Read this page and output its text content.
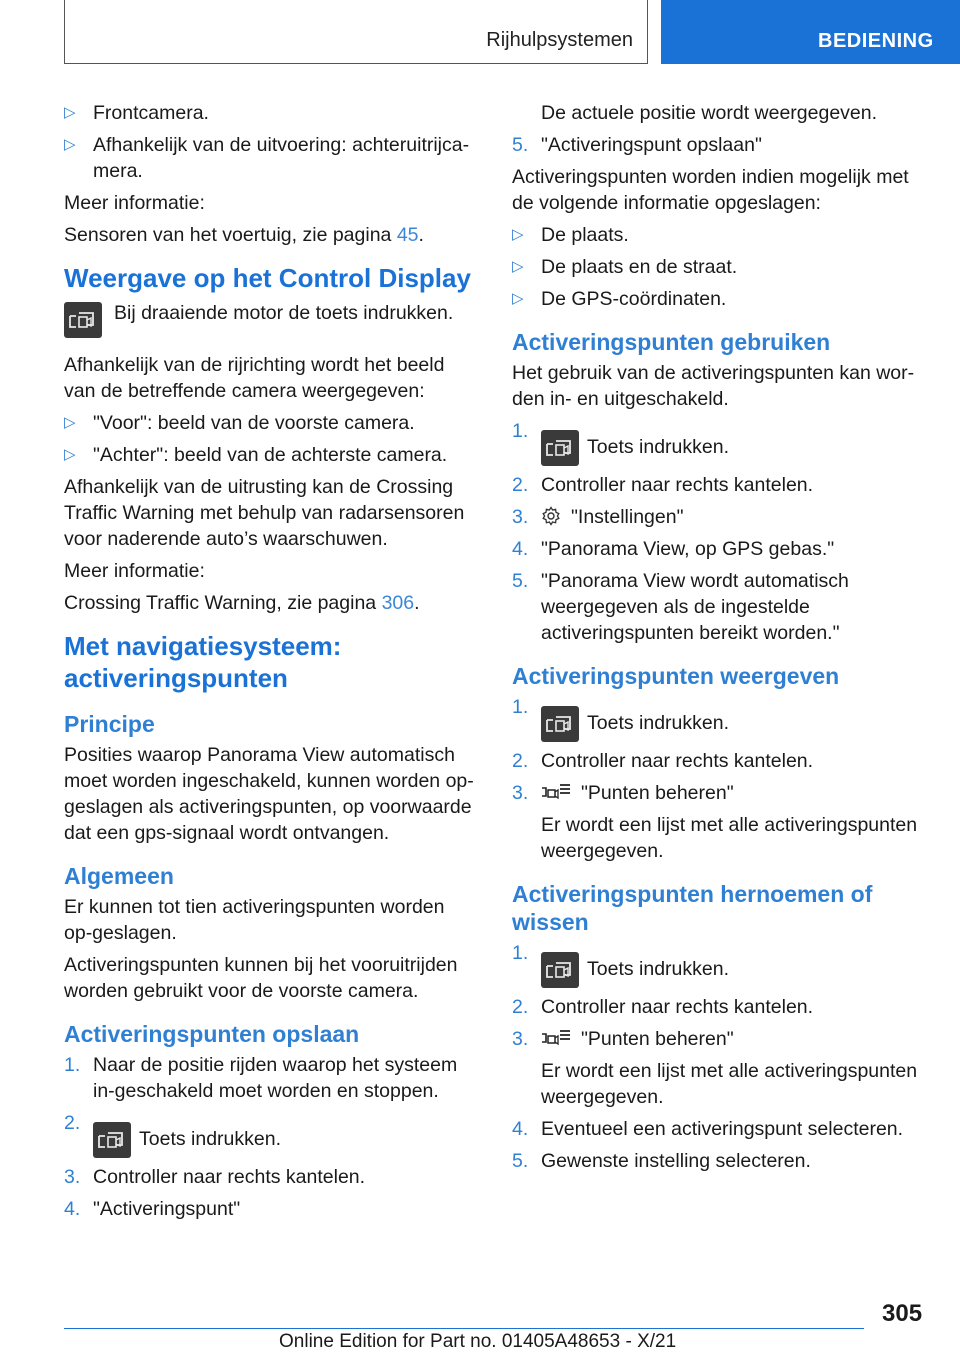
Rijhulpsystemen	BEDIENING
▷ Frontcamera.
▷ Afhankelijk van de uitvoering: achteruitrijca-mera.

Meer informatie:

Sensoren van het voertuig, zie pagina 45.

Weergave op het Control Display

Bij draaiende motor de toets indrukken.

Afhankelijk van de rijrichting wordt het beeld van de betreffende camera weergegeven:

▷ "Voor": beeld van de voorste camera.
▷ "Achter": beeld van de achterste camera.

Afhankelijk van de uitrusting kan de Crossing Traffic Warning met behulp van radarsensoren voor naderende auto’s waarschuwen.

Meer informatie:

Crossing Traffic Warning, zie pagina 306.

Met navigatiesysteem: activeringspunten
Principe

Posities waarop Panorama View automatisch moet worden ingeschakeld, kunnen worden op-geslagen als activeringspunten, op voorwaarde dat een gps-signaal wordt ontvangen.

Algemeen

Er kunnen tot tien activeringspunten worden op-geslagen.

Activeringspunten kunnen bij het vooruitrijden worden gebruikt voor de voorste camera.

Activeringspunten opslaan
1. Naar de positie rijden waarop het systeem in-geschakeld moet worden en stoppen.
2.
Toets indrukken.
3. Controller naar rechts kantelen.
4. "Activeringspunt"

De actuele positie wordt weergegeven.

5. "Activeringspunt opslaan"

Activeringspunten worden indien mogelijk met de volgende informatie opgeslagen:

▷ De plaats.
▷ De plaats en de straat.
▷ De GPS-coördinaten.
Activeringspunten gebruiken

Het gebruik van de activeringspunten kan wor-den in- en uitgeschakeld.

1.
Toets indrukken.
2. Controller naar rechts kantelen.
3. "Instellingen"
4. "Panorama View, op GPS gebas."
5. "Panorama View wordt automatisch weergegeven als de ingestelde activeringspunten bereikt worden."
Activeringspunten weergeven
1.
Toets indrukken.
2. Controller naar rechts kantelen.
3.	"Punten beheren"

Er wordt een lijst met alle activeringspunten weergegeven.

Activeringspunten hernoemen of wissen
1.
Toets indrukken.
2. Controller naar rechts kantelen.
3.	"Punten beheren"

Er wordt een lijst met alle activeringspunten weergegeven.

4. Eventueel een activeringspunt selecteren.
5. Gewenste instelling selecteren.
305
Online Edition for Part no. 01405A48653 - X/21
